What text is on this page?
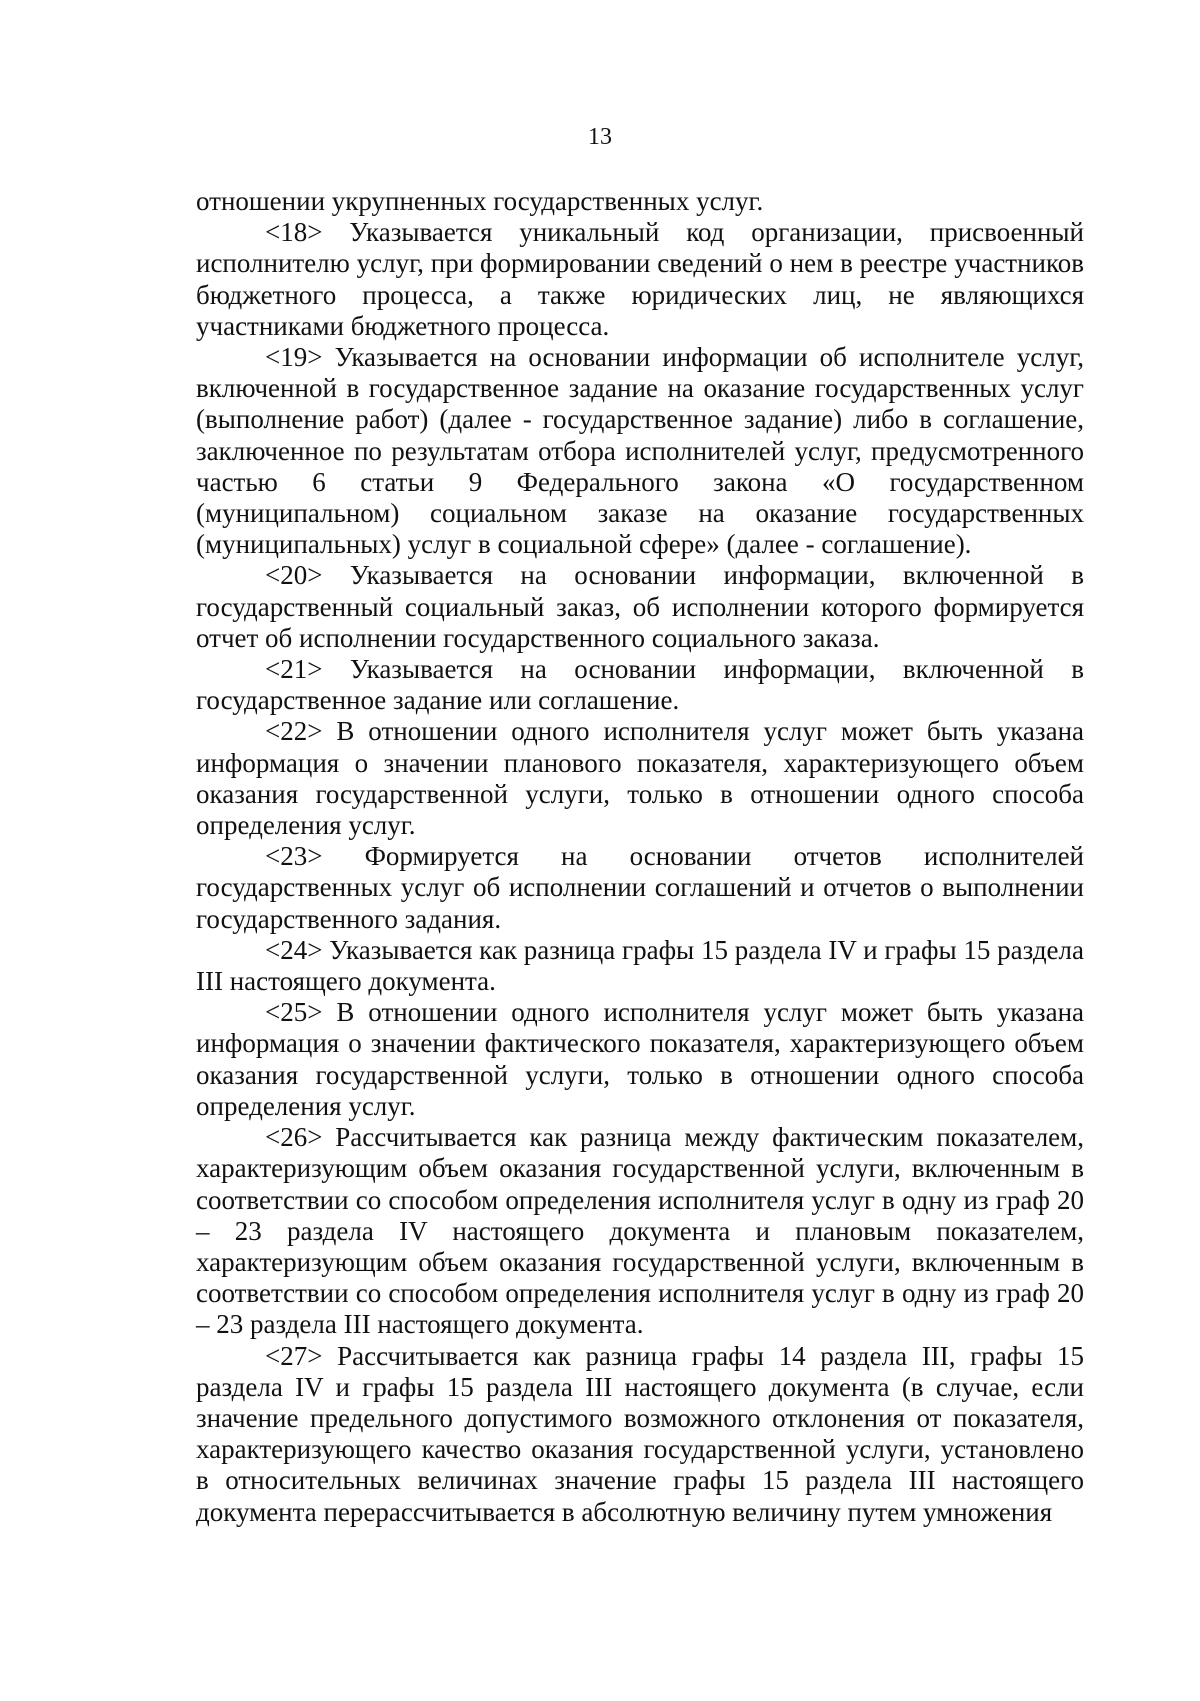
13

отношении укрупненных государственных услуг.

<18> Указывается уникальный код организации, присвоенный исполнителю услуг, при формировании сведений о нем в реестре участников бюджетного процесса, а также юридических лиц, не являющихся участниками бюджетного процесса.

<19> Указывается на основании информации об исполнителе услуг, включенной в государственное задание на оказание государственных услуг (выполнение работ) (далее - государственное задание) либо в соглашение, заключенное по результатам отбора исполнителей услуг, предусмотренного частью 6 статьи 9 Федерального закона «О государственном (муниципальном) социальном заказе на оказание государственных (муниципальных) услуг в социальной сфере» (далее - соглашение).

<20> Указывается на основании информации, включенной в государственный социальный заказ, об исполнении которого формируется отчет об исполнении государственного социального заказа.

<21> Указывается на основании информации, включенной в государственное задание или соглашение.

<22> В отношении одного исполнителя услуг может быть указана информация о значении планового показателя, характеризующего объем оказания государственной услуги, только в отношении одного способа определения услуг.

<23> Формируется на основании отчетов исполнителей государственных услуг об исполнении соглашений и отчетов о выполнении государственного задания.

<24> Указывается как разница графы 15 раздела IV и графы 15 раздела III настоящего документа.

<25> В отношении одного исполнителя услуг может быть указана информация о значении фактического показателя, характеризующего объем оказания государственной услуги, только в отношении одного способа определения услуг.

<26> Рассчитывается как разница между фактическим показателем, характеризующим объем оказания государственной услуги, включенным в соответствии со способом определения исполнителя услуг в одну из граф 20 – 23 раздела IV настоящего документа и плановым показателем, характеризующим объем оказания государственной услуги, включенным в соответствии со способом определения исполнителя услуг в одну из граф 20 – 23 раздела III настоящего документа.

<27> Рассчитывается как разница графы 14 раздела III, графы 15 раздела IV и графы 15 раздела III настоящего документа (в случае, если значение предельного допустимого возможного отклонения от показателя, характеризующего качество оказания государственной услуги, установлено в относительных величинах значение графы 15 раздела III настоящего документа перерассчитывается в абсолютную величину путем умножения
